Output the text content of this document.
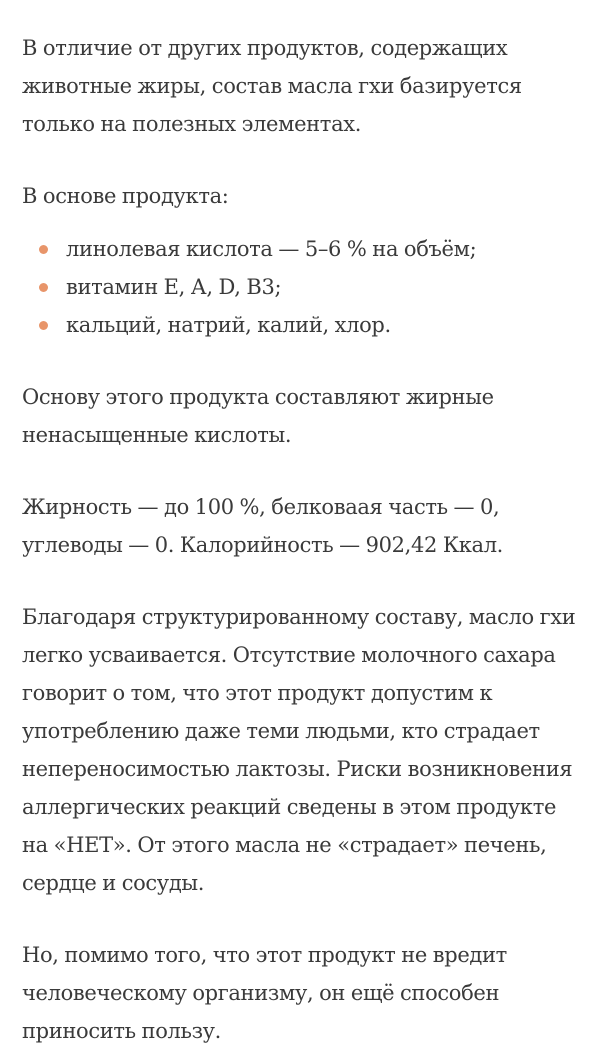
В отличие от других продуктов, содержащих животные жиры, состав масла гхи базируется только на полезных элементах.

В основе продукта:

линолевая кислота — 5–6 % на объём;
витамин Е, А, D, В3;
кальций, натрий, калий, хлор.

Основу этого продукта составляют жирные ненасыщенные кислоты.

Жирность — до 100 %, белковаая часть — 0, углеводы — 0. Калорийность — 902,42 Ккал.

Благодаря структурированному составу, масло гхи легко усваивается. Отсутствие молочного сахара говорит о том, что этот продукт допустим к употреблению даже теми людьми, кто страдает непереносимостью лактозы. Риски возникновения аллергических реакций сведены в этом продукте на «НЕТ». От этого масла не «страдает» печень, сердце и сосуды.

Но, помимо того, что этот продукт не вредит человеческому организму, он ещё способен приносить пользу.
